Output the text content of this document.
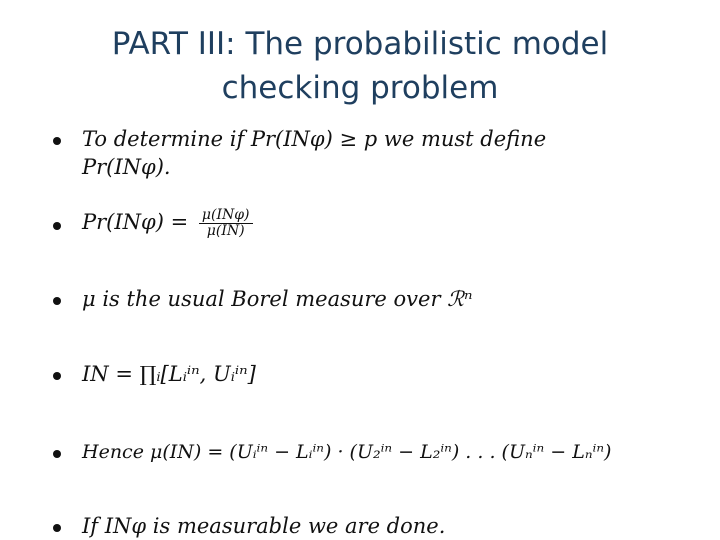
PART III: The probabilistic model
checking problem
To determine if Pr(INφ) ≥ p we must define
Pr(INφ).
$Pr(IN\varphi) = \frac{\text{μ(INφ)}}{\mu(IN)}$
μ is the usual Borel measure over ℛⁿ
IN = ∏ᵢ[Lᵢⁱⁿ, Uᵢⁱⁿ]
Hence μ(IN) = (Uᵢⁱⁿ − Lᵢⁱⁿ) · (U₂ⁱⁿ − L₂ⁱⁿ) . . . (Uₙⁱⁿ − Lₙⁱⁿ)
If INφ is measurable we are done.
